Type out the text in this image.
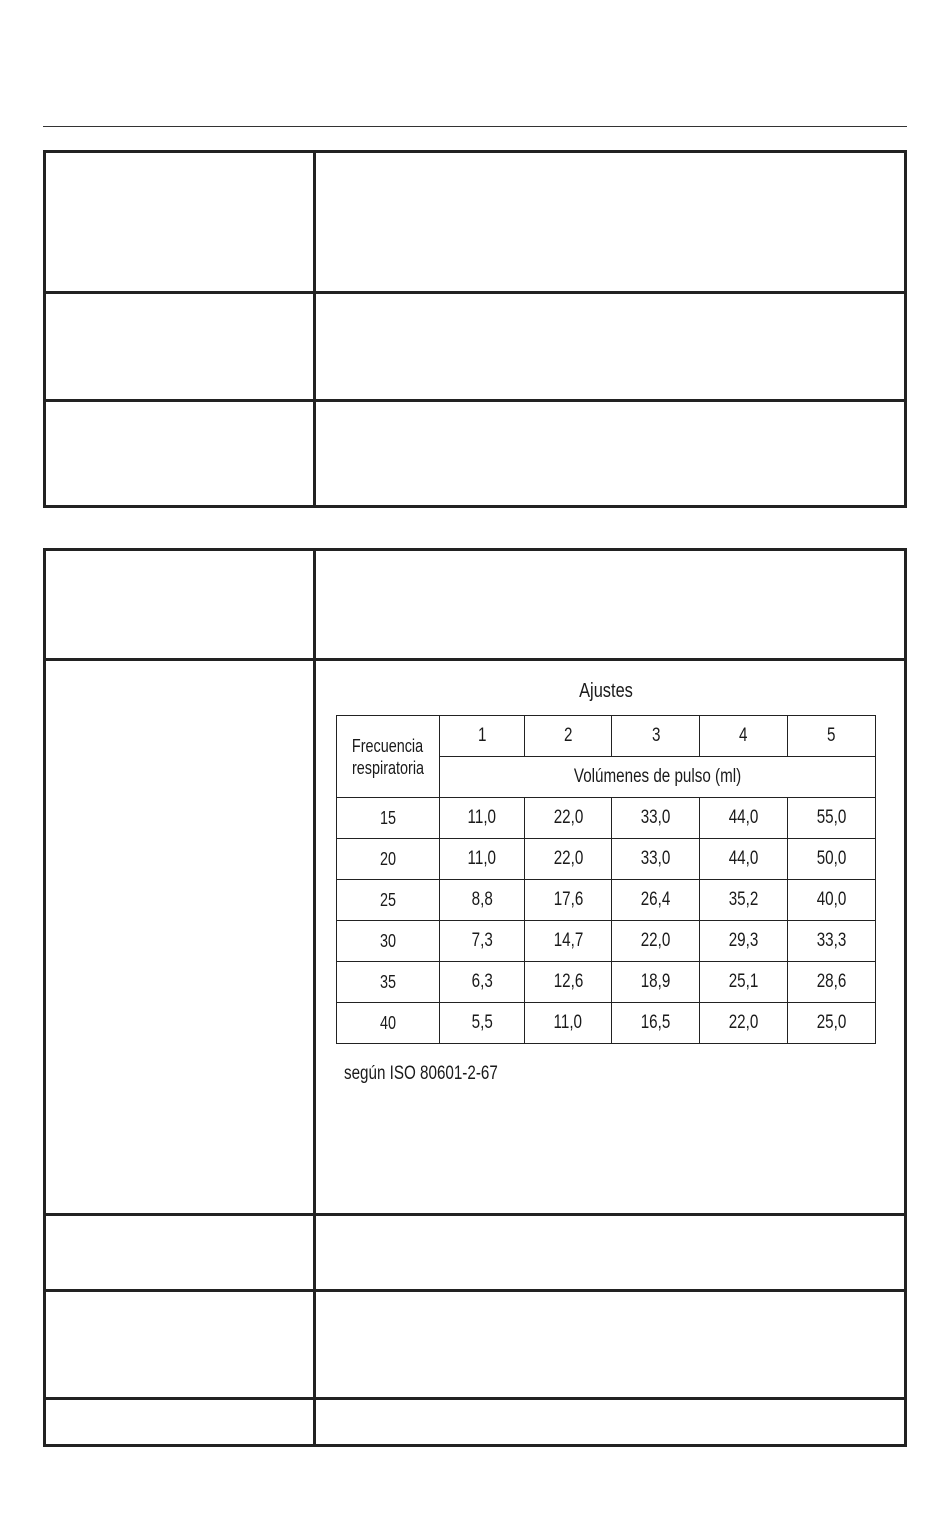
Ajustes
Frecuencia
respiratoria	1	2	3	4	5
	Volúmenes de pulso (ml)				
15	11,0	22,0	33,0	44,0	55,0
20	11,0	22,0	33,0	44,0	50,0
25	8,8	17,6	26,4	35,2	40,0
30	7,3	14,7	22,0	29,3	33,3
35	6,3	12,6	18,9	25,1	28,6
40	5,5	11,0	16,5	22,0	25,0
según ISO 80601-2-67
